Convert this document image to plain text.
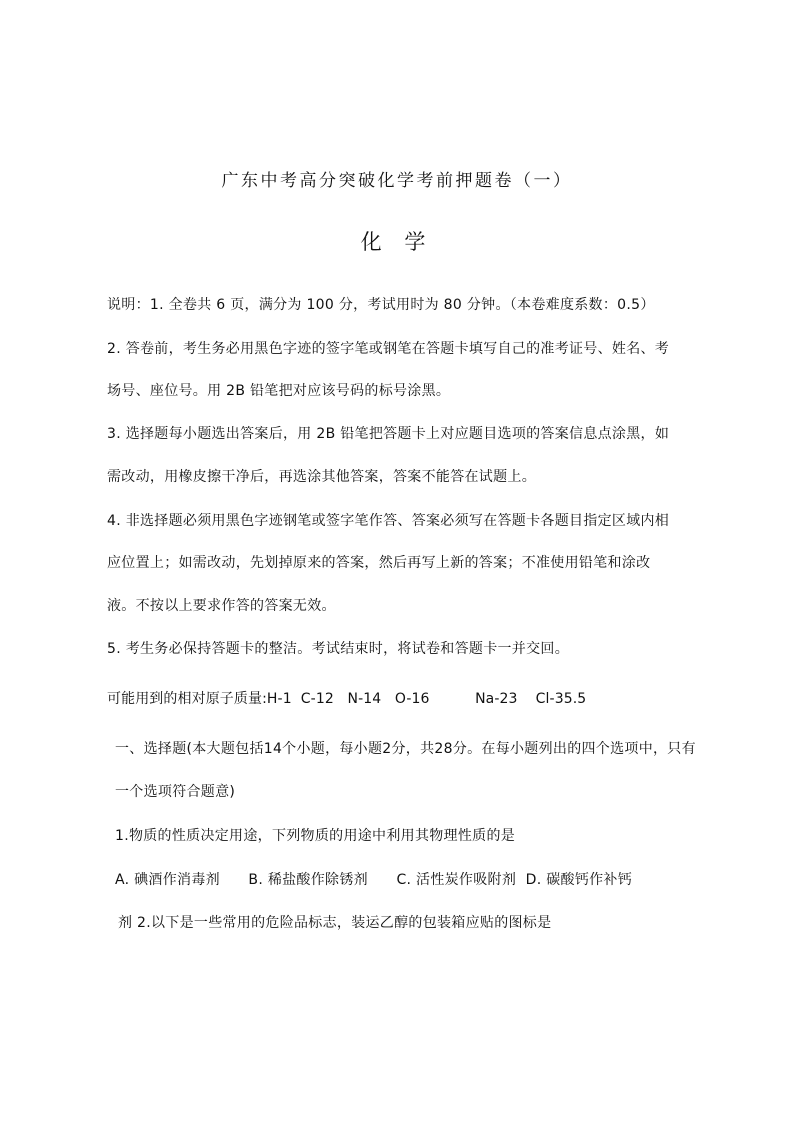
广东中考高分突破化学考前押题卷（一）
化 学
说明：1. 全卷共 6 页，满分为 100 分，考试用时为 80 分钟。（本卷难度系数：0.5）
2. 答卷前，考生务必用黑色字迹的签字笔或钢笔在答题卡填写自己的准考证号、姓名、考
场号、座位号。用 2B 铅笔把对应该号码的标号涂黑。
3. 选择题每小题选出答案后，用 2B 铅笔把答题卡上对应题目选项的答案信息点涂黑，如
需改动，用橡皮擦干净后，再选涂其他答案，答案不能答在试题上。
4. 非选择题必须用黑色字迹钢笔或签字笔作答、答案必须写在答题卡各题目指定区域内相
应位置上；如需改动，先划掉原来的答案，然后再写上新的答案；不准使用铅笔和涂改
液。不按以上要求作答的答案无效。
5. 考生务必保持答题卡的整洁。考试结束时，将试卷和答题卡一并交回。
可能用到的相对原子质量:H-1  C-12   N-14   O-16          Na-23    Cl-35.5
一、选择题(本大题包括14个小题，每小题2分，共28分。在每小题列出的四个选项中，只有
一个选项符合题意)
1.物质的性质决定用途，下列物质的用途中利用其物理性质的是
A. 碘酒作消毒剂      B. 稀盐酸作除锈剂      C. 活性炭作吸附剂  D. 碳酸钙作补钙
剂 2.以下是一些常用的危险品标志，装运乙醇的包装箱应贴的图标是
